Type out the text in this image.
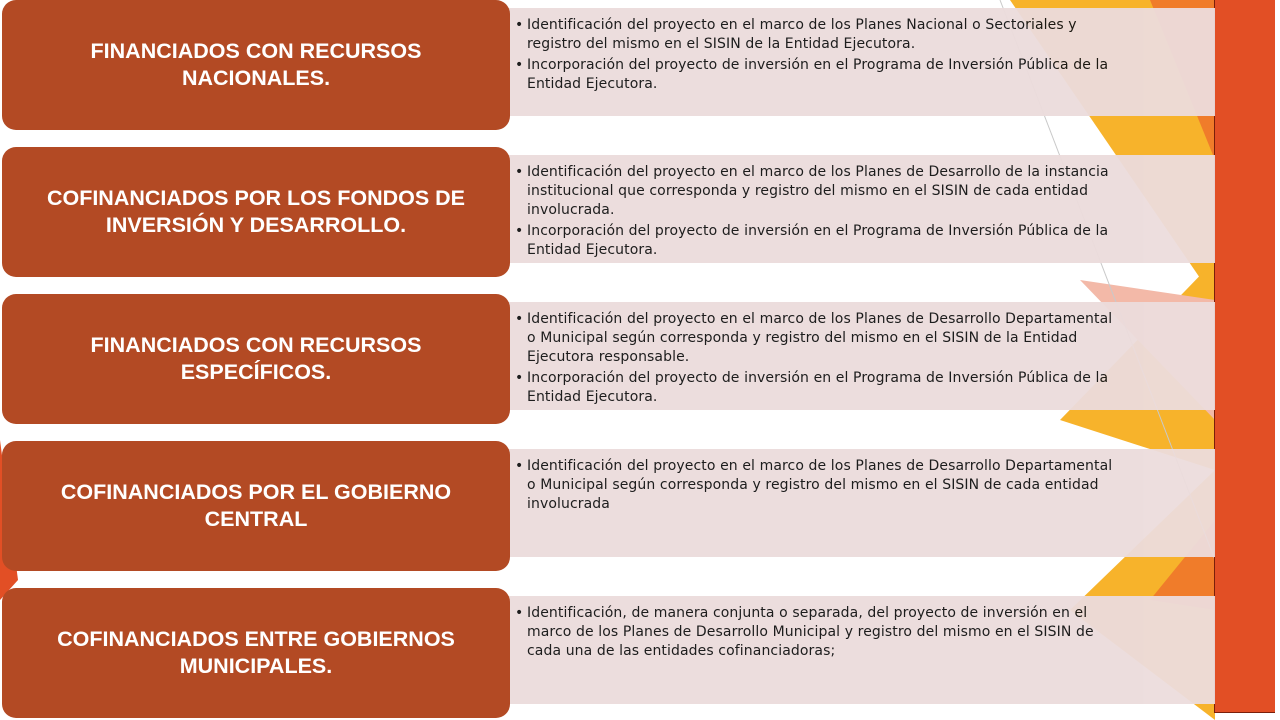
• Identificación del proyecto en el marco de los Planes Nacional o Sectoriales y
registro del mismo en el SISIN de la Entidad Ejecutora.
• Incorporación del proyecto de inversión en el Programa de Inversión Pública de la
Entidad Ejecutora.
FINANCIADOS CON RECURSOS NACIONALES.
• Identificación del proyecto en el marco de los Planes de Desarrollo de la instancia
institucional que corresponda y registro del mismo en el SISIN de cada entidad
involucrada.
• Incorporación del proyecto de inversión en el Programa de Inversión Pública de la
Entidad Ejecutora.
COFINANCIADOS POR LOS FONDOS DE INVERSIÓN Y DESARROLLO.
• Identificación del proyecto en el marco de los Planes de Desarrollo Departamental
o Municipal según corresponda y registro del mismo en el SISIN de la Entidad
Ejecutora responsable.
• Incorporación del proyecto de inversión en el Programa de Inversión Pública de la
Entidad Ejecutora.
FINANCIADOS CON RECURSOS ESPECÍFICOS.
• Identificación del proyecto en el marco de los Planes de Desarrollo Departamental
o Municipal según corresponda y registro del mismo en el SISIN de cada entidad
involucrada
COFINANCIADOS POR EL GOBIERNO CENTRAL
• Identificación, de manera conjunta o separada, del proyecto de inversión en el
marco de los Planes de Desarrollo Municipal y registro del mismo en el SISIN de
cada una de las entidades cofinanciadoras;
COFINANCIADOS ENTRE GOBIERNOS MUNICIPALES.
